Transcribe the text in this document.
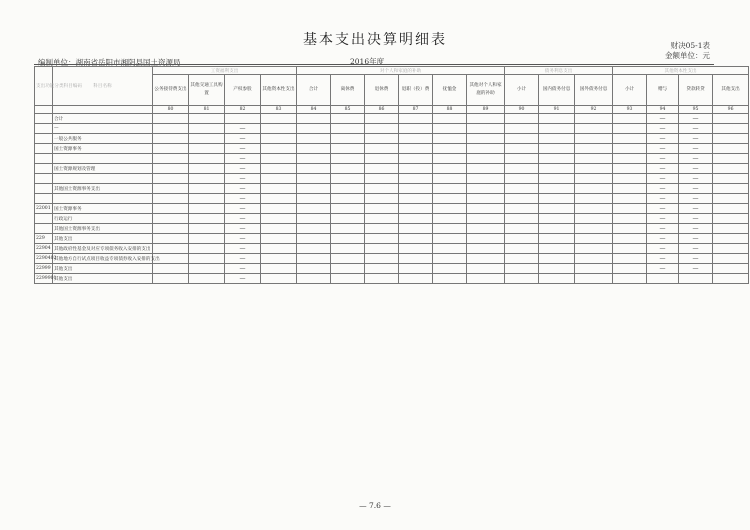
基本支出决算明细表	财决05-1表
金额单位：元
编制单位：湖南省岳阳市湘阴县国土资源局	2016年度
支出功能分类科目编码	科目名称	工资福利支出				对个人和家庭的补助						债务利息支出			其他资本性支出			
		公务接待费支出	其他交通工具购置	产权参股	其他资本性支出	合计	离休费	退休费	退职（役）费	抚恤金	其他对个人和家庭的补助	小计	国内债务付息	国外债务付息	小计	赠与	贷款转贷	其他支出
		80	81	82	83	84	85	86	87	88	89	90	91	92	93	94	95	96
	合计															—	—	
	—			—												—	—	
	一般公共服务			—												—	—	
	国土资源事务			—												—	—	
				—												—	—	
	国土资源规划及管理			—												—	—	
				—												—	—	
	其他国土资源事务支出			—												—	—	
				—												—	—	
22001	国土资源事务			—												—	—	
	行政运行			—												—	—	
	其他国土资源事务支出			—												—	—	
229	其他支出			—												—	—	
22904	其他政府性基金及对应专项债务收入安排的支出			—												—	—	
2290402	其他地方自行试点项目收益专项债券收入安排的支出			—												—	—	
22999	其他支出			—												—	—	
2299901	其他支出			—														
— 7.6 —
